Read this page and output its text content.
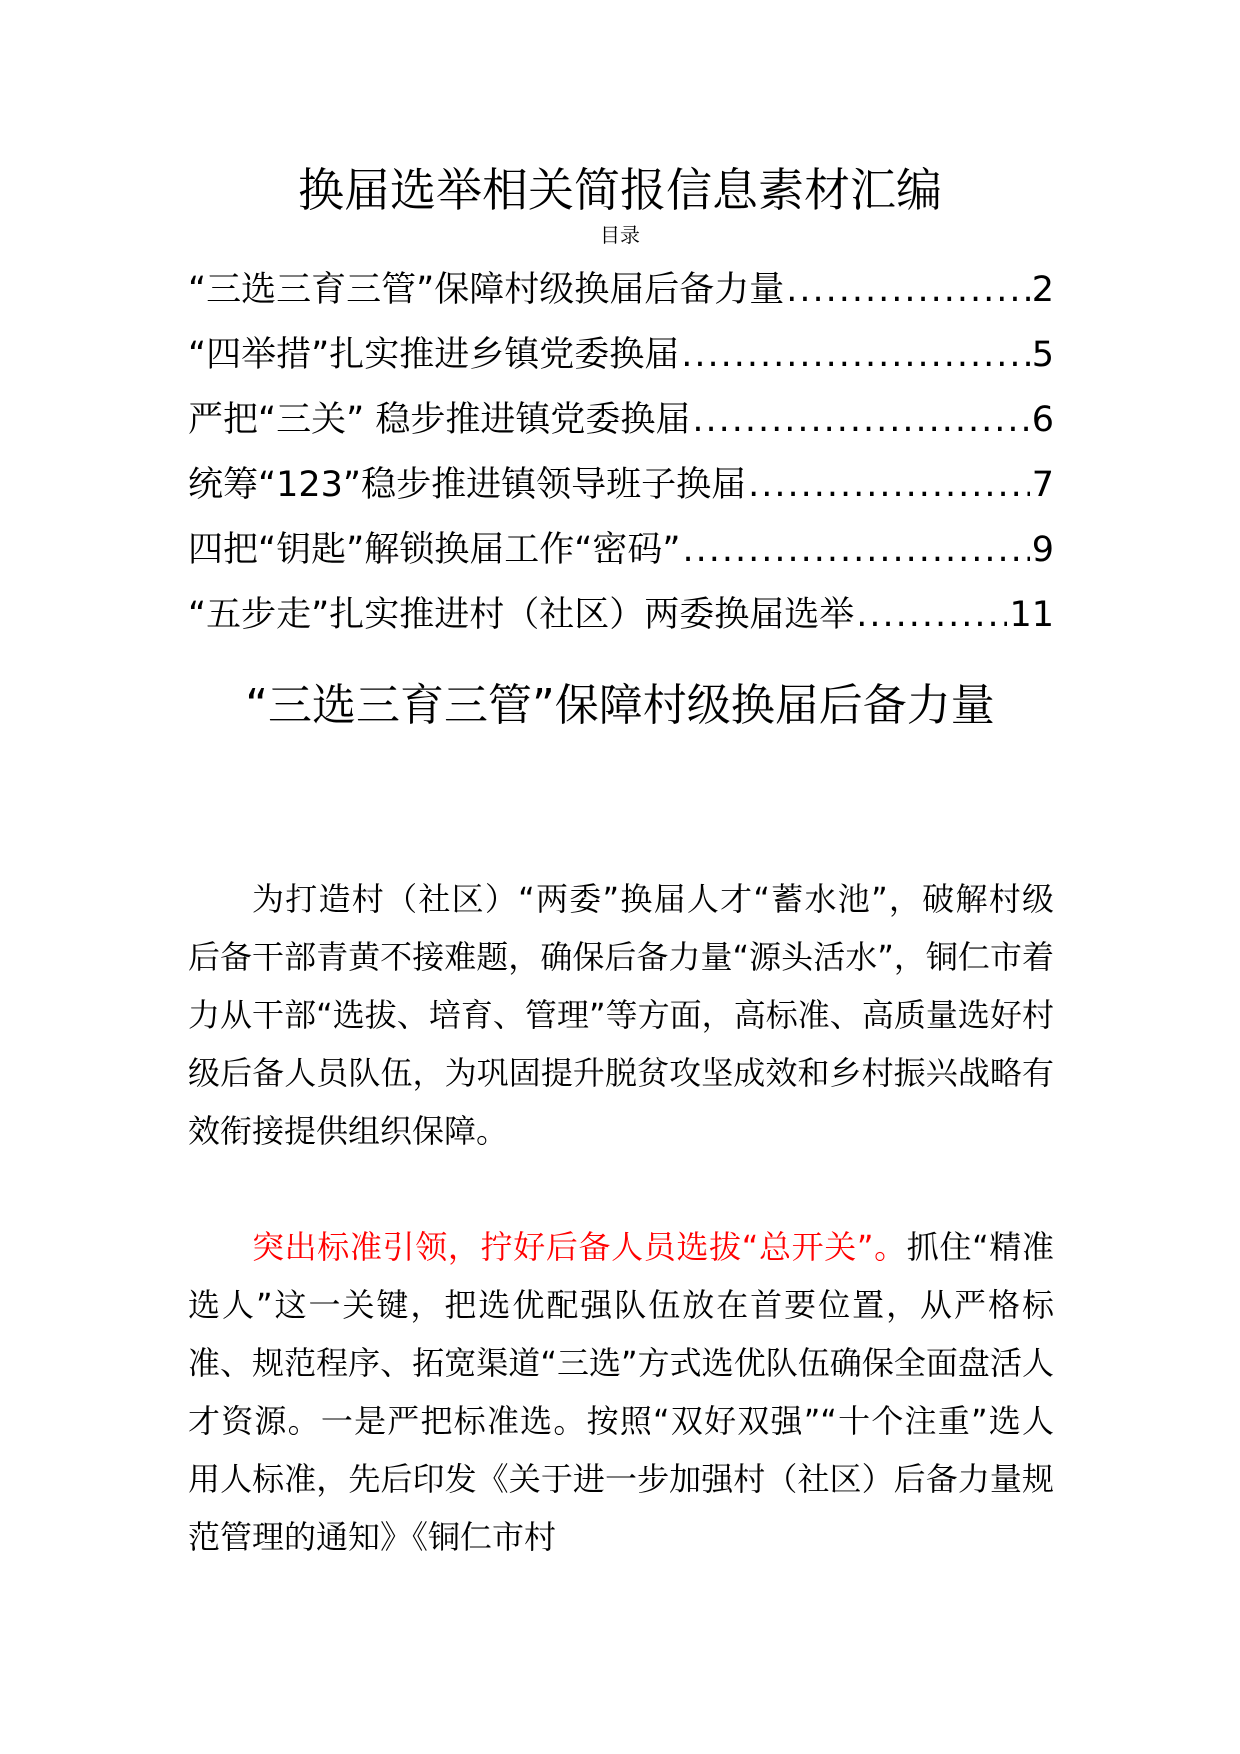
换届选举相关简报信息素材汇编
目录
“三选三育三管”保障村级换届后备力量 .....	2
“四举措”扎实推进乡镇党委换届 .....	5
严把“三关” 稳步推进镇党委换届 .....	6
统筹“123”稳步推进镇领导班子换届 .....	7
四把“钥匙”解锁换届工作“密码” .....	9
“五步走”扎实推进村（社区）两委换届选举 .....	11
“三选三育三管”保障村级换届后备力量

为打造村（社区）“两委”换届人才“蓄水池”，破解村级后备干部青黄不接难题，确保后备力量“源头活水”，铜仁市着力从干部“选拔、培育、管理”等方面，高标准、高质量选好村级后备人员队伍，为巩固提升脱贫攻坚成效和乡村振兴战略有效衔接提供组织保障。

突出标准引领，拧好后备人员选拔“总开关”。抓住“精准选人”这一关键，把选优配强队伍放在首要位置，从严格标准、规范程序、拓宽渠道“三选”方式选优队伍确保全面盘活人才资源。一是严把标准选。按照“双好双强”“十个注重”选人用人标准，先后印发《关于进一步加强村（社区）后备力量规范管理的通知》《铜仁市村
